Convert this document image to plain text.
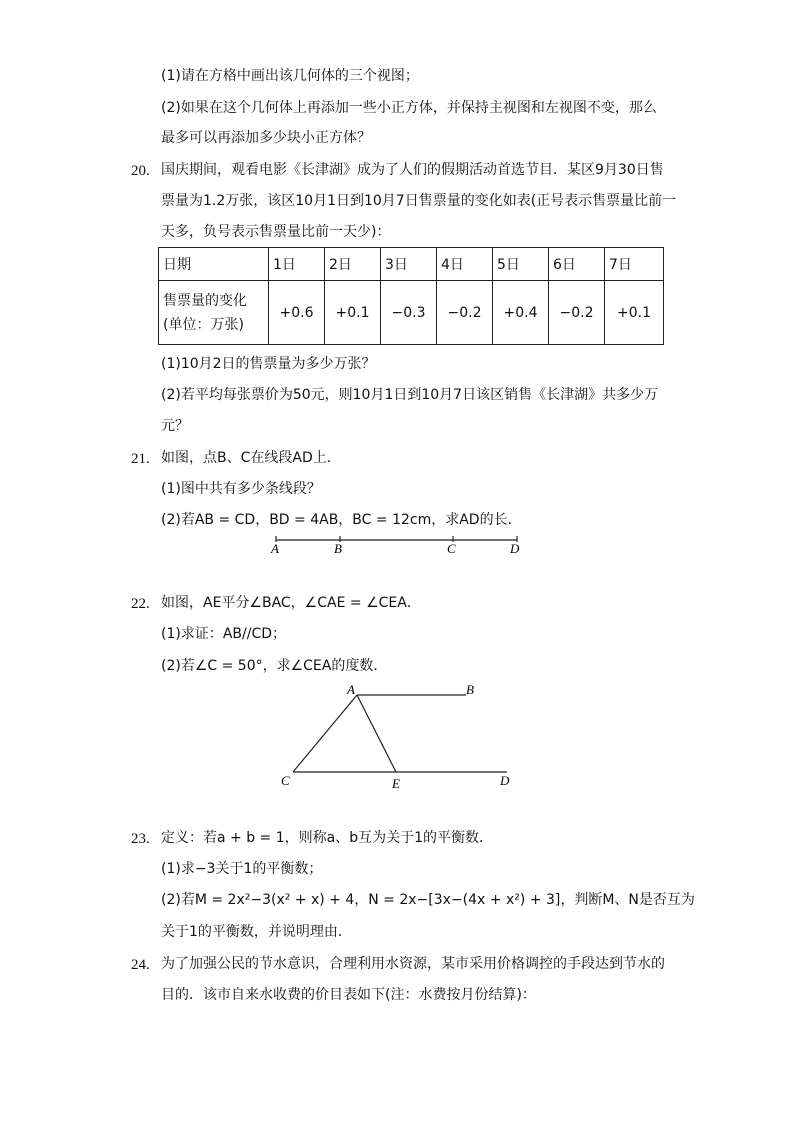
(1)请在方格中画出该几何体的三个视图；
(2)如果在这个几何体上再添加一些小正方体，并保持主视图和左视图不变，那么
最多可以再添加多少块小正方体？
20. 国庆期间，观看电影《长津湖》成为了人们的假期活动首选节目．某区9月30日售
票量为1.2万张，该区10月1日到10月7日售票量的变化如表(正号表示售票量比前一
天多，负号表示售票量比前一天少)：
日期	1日	2日	3日	4日	5日	6日	7日
售票量的变化(单位：万张)	+0.6	+0.1	−0.3	−0.2	+0.4	−0.2	+0.1
(1)10月2日的售票量为多少万张？
(2)若平均每张票价为50元，则10月1日到10月7日该区销售《长津湖》共多少万
元？
21. 如图，点B、C在线段AD上．
(1)图中共有多少条线段？
(2)若AB = CD，BD = 4AB，BC = 12cm，求AD的长．
A	B	C	D
22. 如图，AE平分∠BAC，∠CAE = ∠CEA．
(1)求证：AB//CD；
(2)若∠C = 50°，求∠CEA的度数．
A	B
C	E	D
23. 定义：若a + b = 1，则称a、b互为关于1的平衡数．
(1)求−3关于1的平衡数；
(2)若M = 2x²−3(x² + x) + 4，N = 2x−[3x−(4x + x²) + 3]，判断M、N是否互为
关于1的平衡数，并说明理由．
24. 为了加强公民的节水意识，合理利用水资源，某市采用价格调控的手段达到节水的
目的．该市自来水收费的价目表如下(注：水费按月份结算)：
